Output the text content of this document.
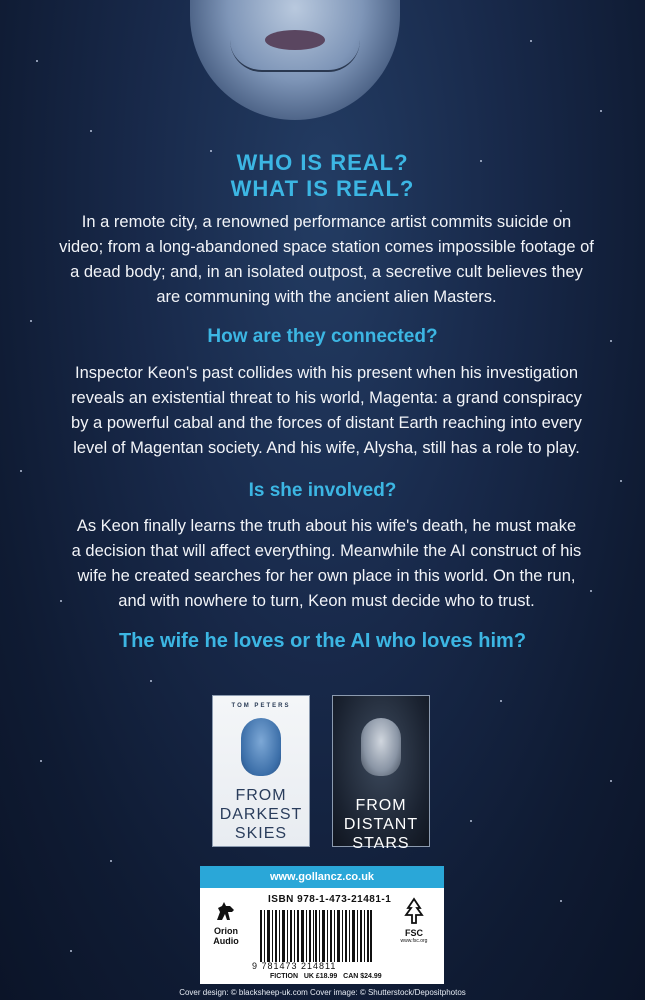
WHO IS REAL?
WHAT IS REAL?
In a remote city, a renowned performance artist commits suicide on
video; from a long-abandoned space station comes impossible footage of
a dead body; and, in an isolated outpost, a secretive cult believes they
are communing with the ancient alien Masters.
How are they connected?
Inspector Keon's past collides with his present when his investigation
reveals an existential threat to his world, Magenta: a grand conspiracy
by a powerful cabal and the forces of distant Earth reaching into every
level of Magentan society. And his wife, Alysha, still has a role to play.
Is she involved?
As Keon finally learns the truth about his wife's death, he must make
a decision that will affect everything. Meanwhile the AI construct of his
wife he created searches for her own place in this world. On the run,
and with nowhere to turn, Keon must decide who to trust.
The wife he loves or the AI who loves him?
TOM PETERS
FROM
DARKEST
SKIES
FROM
DISTANT
STARS
www.gollancz.co.uk
Orion
Audio
ISBN 978-1-473-21481-1
9 781473 214811
FICTION UK £18.99 CAN $24.99
FSC
www.fsc.org
Cover design: © blacksheep-uk.com Cover image: © Shutterstock/Depositphotos
